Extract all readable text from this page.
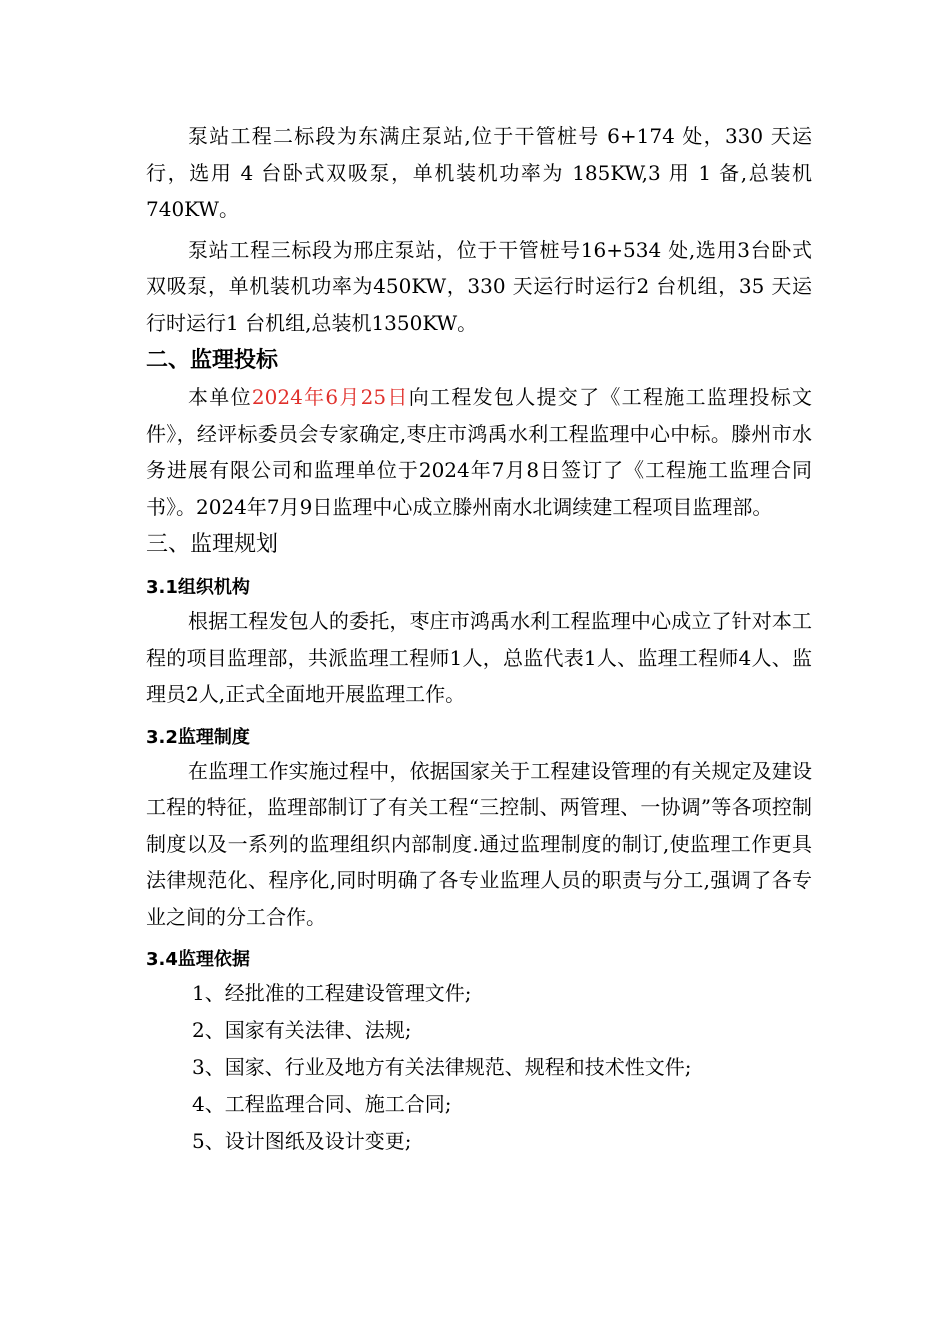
泵站工程二标段为东满庄泵站,位于干管桩号 6+174 处，330 天运行，选用 4 台卧式双吸泵，单机装机功率为 185KW,3 用 1 备,总装机 740KW。

泵站工程三标段为邢庄泵站，位于干管桩号16+534 处,选用3台卧式双吸泵，单机装机功率为450KW，330 天运行时运行2 台机组，35 天运行时运行1 台机组,总装机1350KW。

二、监理投标

本单位2024年6月25日向工程发包人提交了《工程施工监理投标文件》，经评标委员会专家确定,枣庄市鸿禹水利工程监理中心中标。滕州市水务进展有限公司和监理单位于2024年7月8日签订了《工程施工监理合同书》。2024年7月9日监理中心成立滕州南水北调续建工程项目监理部。

三、监理规划

3.1组织机构

根据工程发包人的委托，枣庄市鸿禹水利工程监理中心成立了针对本工程的项目监理部，共派监理工程师1人，总监代表1人、监理工程师4人、监理员2人,正式全面地开展监理工作。

3.2监理制度

在监理工作实施过程中，依据国家关于工程建设管理的有关规定及建设工程的特征，监理部制订了有关工程“三控制、两管理、一协调”等各项控制制度以及一系列的监理组织内部制度.通过监理制度的制订,使监理工作更具法律规范化、程序化,同时明确了各专业监理人员的职责与分工,强调了各专业之间的分工合作。

3.4监理依据

1、经批准的工程建设管理文件;

2、国家有关法律、法规;

3、国家、行业及地方有关法律规范、规程和技术性文件;

4、工程监理合同、施工合同;

5、设计图纸及设计变更;
